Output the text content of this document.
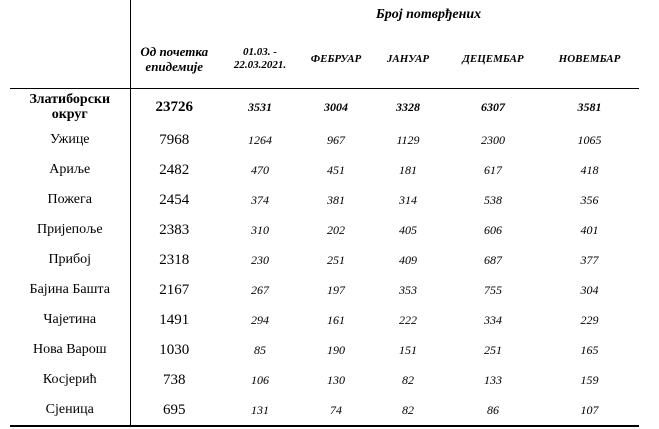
		Број потврђених				
	Од почетка епидемије	01.03. - 22.03.2021.	ФЕБРУАР	ЈАНУАР	ДЕЦЕМБАР	НОВЕМБАР
Златиборски округ	23726	3531	3004	3328	6307	3581
Ужице	7968	1264	967	1129	2300	1065
Ариље	2482	470	451	181	617	418
Пожега	2454	374	381	314	538	356
Пријепоље	2383	310	202	405	606	401
Прибој	2318	230	251	409	687	377
Бајина Башта	2167	267	197	353	755	304
Чајетина	1491	294	161	222	334	229
Нова Варош	1030	85	190	151	251	165
Косјерић	738	106	130	82	133	159
Сјеница	695	131	74	82	86	107
